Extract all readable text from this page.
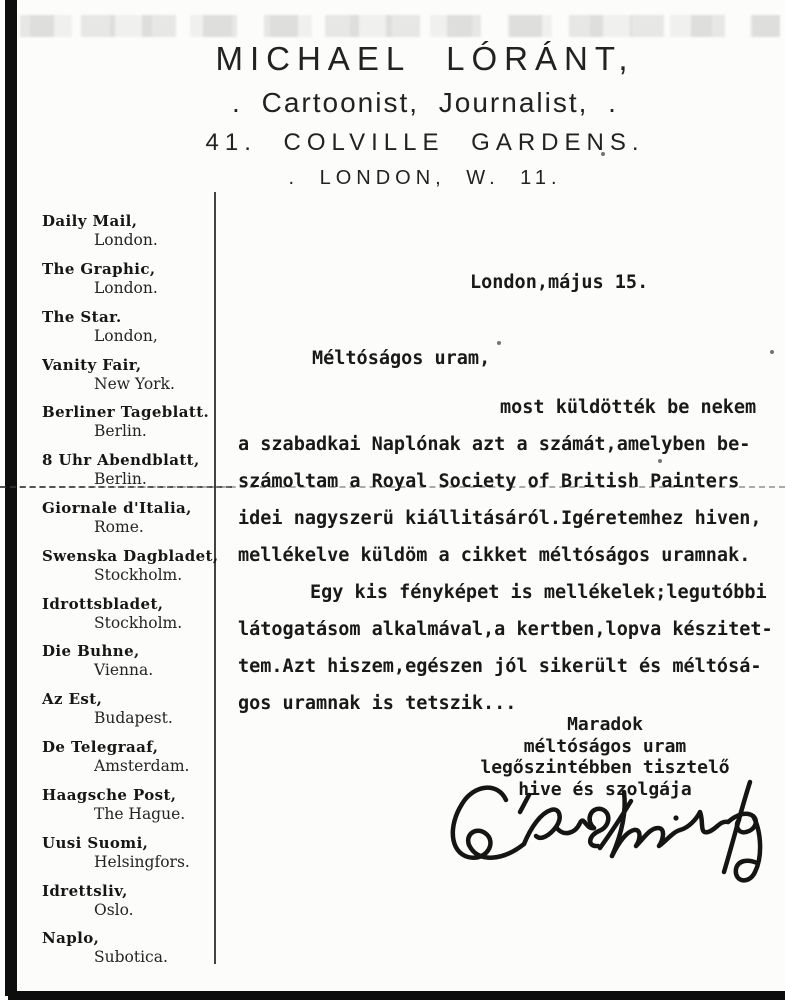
MICHAEL LÓRÁNT,
. Cartoonist, Journalist, .
41. COLVILLE GARDENS.
. LONDON, W. 11.
Daily Mail,
London.
The Graphic,
London.
The Star.
London,
Vanity Fair,
New York.
Berliner Tageblatt.
Berlin.
8 Uhr Abendblatt,
Berlin.
Giornale d'Italia,
Rome.
Swenska Dagbladet,
Stockholm.
Idrottsbladet,
Stockholm.
Die Buhne,
Vienna.
Az Est,
Budapest.
De Telegraaf,
Amsterdam.
Haagsche Post,
The Hague.
Uusi Suomi,
Helsingfors.
Idrettsliv,
Oslo.
Naplo,
Subotica.
London,május 15.
Méltóságos uram,
most küldötték be nekem
a szabadkai Naplónak azt a számát,amelyben be-
számoltam a Royal Society of British Painters
idei nagyszerü kiállitásáról.Igéretemhez hiven,
mellékelve küldöm a cikket méltóságos uramnak.
Egy kis fényképet is mellékelek;legutóbbi
látogatásom alkalmával,a kertben,lopva készitet-
tem.Azt hiszem,egészen jól sikerült és méltósá-
gos uramnak is tetszik...
Maradok
méltóságos uram
legőszintébben tisztelő
hive és szolgája
